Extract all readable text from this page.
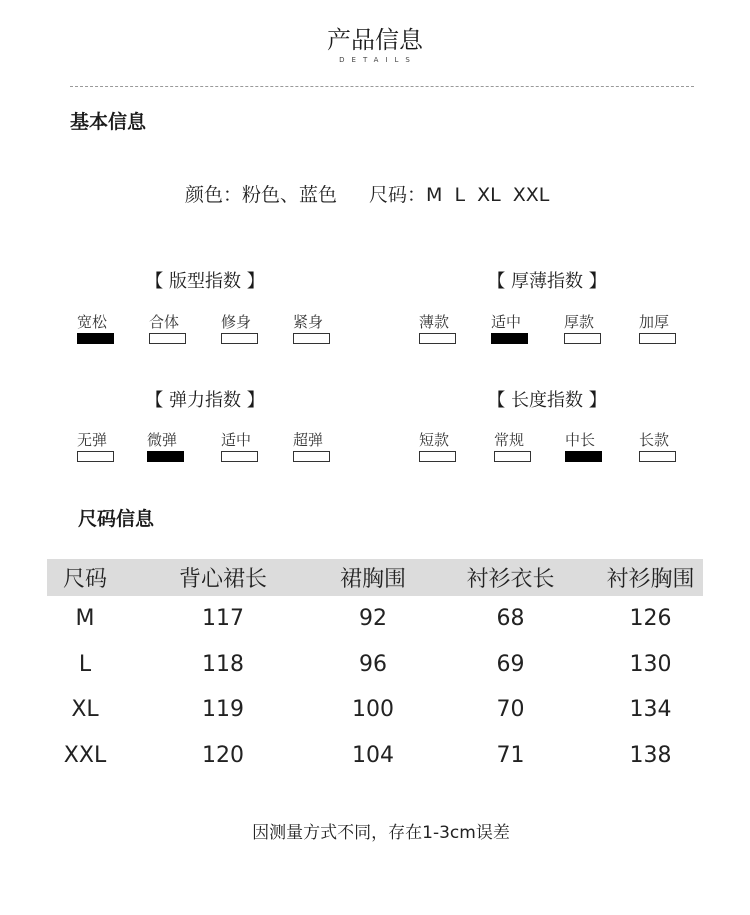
产品信息
DETAILS
基本信息
颜色：粉色、蓝色 尺码：M L XL XXL
【 版型指数 】
宽松	合体	修身	紧身
【 厚薄指数 】
薄款	适中	厚款	加厚
【 弹力指数 】
无弹	微弹	适中	超弹
【 长度指数 】
短款	常规	中长	长款
尺码信息
尺码	背心裙长	裙胸围	衬衫衣长	衬衫胸围
M	117	92	68	126
L	118	96	69	130
XL	119	100	70	134
XXL	120	104	71	138
因测量方式不同，存在1-3cm误差
